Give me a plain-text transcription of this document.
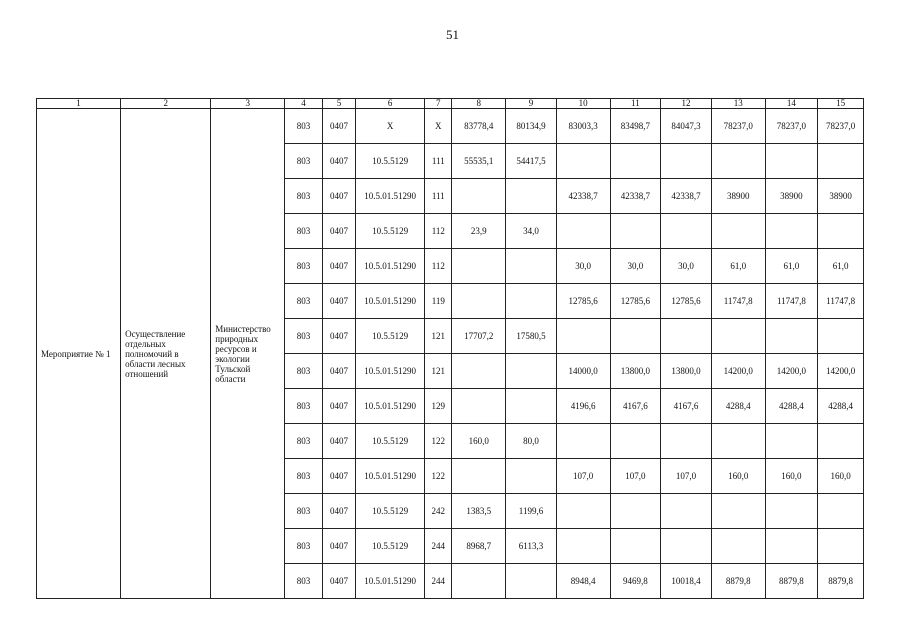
51
1	2	3	4	5	6	7	8	9	10	11	12	13	14	15
Мероприятие № 1	Осуществление отдельных полномочий в области лесных отношений	Министерство природных ресурсов и экологии Тульской области	803	0407	Х	Х	83778,4	80134,9	83003,3	83498,7	84047,3	78237,0	78237,0	78237,0
			803	0407	10.5.5129	111	55535,1	54417,5						
			803	0407	10.5.01.51290	111			42338,7	42338,7	42338,7	38900	38900	38900
			803	0407	10.5.5129	112	23,9	34,0						
			803	0407	10.5.01.51290	112			30,0	30,0	30,0	61,0	61,0	61,0
			803	0407	10.5.01.51290	119			12785,6	12785,6	12785,6	11747,8	11747,8	11747,8
			803	0407	10.5.5129	121	17707,2	17580,5						
			803	0407	10.5.01.51290	121			14000,0	13800,0	13800,0	14200,0	14200,0	14200,0
			803	0407	10.5.01.51290	129			4196,6	4167,6	4167,6	4288,4	4288,4	4288,4
			803	0407	10.5.5129	122	160,0	80,0						
			803	0407	10.5.01.51290	122			107,0	107,0	107,0	160,0	160,0	160,0
			803	0407	10.5.5129	242	1383,5	1199,6						
			803	0407	10.5.5129	244	8968,7	6113,3						
			803	0407	10.5.01.51290	244			8948,4	9469,8	10018,4	8879,8	8879,8	8879,8
